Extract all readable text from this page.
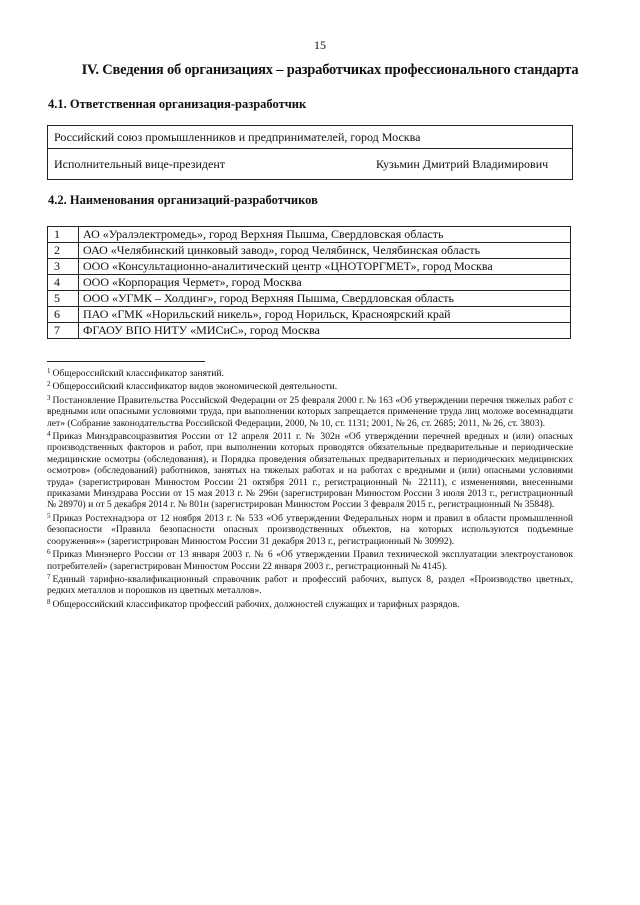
15
IV. Сведения об организациях – разработчиках профессионального стандарта
4.1. Ответственная организация-разработчик
Российский союз промышленников и предпринимателей, город Москва
Исполнительный вице-президент	Кузьмин Дмитрий Владимирович
4.2. Наименования организаций-разработчиков
1	АО «Уралэлектромедь», город Верхняя Пышма, Свердловская область
2	ОАО «Челябинский цинковый завод», город Челябинск, Челябинская область
3	ООО «Консультационно-аналитический центр «ЦНОТОРГМЕТ», город Москва
4	ООО «Корпорация Чермет», город Москва
5	ООО «УГМК – Холдинг», город Верхняя Пышма, Свердловская область
6	ПАО «ГМК «Норильский никель», город Норильск, Красноярский край
7	ФГАОУ ВПО НИТУ «МИСиС», город Москва

$^1$ Общероссийский классификатор занятий.

$^2$ Общероссийский классификатор видов экономической деятельности.

$^3$ Постановление Правительства Российской Федерации от 25 февраля 2000 г. № 163 «Об утверждении перечня тяжелых работ с вредными или опасными условиями труда, при выполнении которых запрещается применение труда лиц моложе восемнадцати лет» (Собрание законодательства Российской Федерации, 2000, № 10, ст. 1131; 2001, № 26, ст. 2685; 2011, № 26, ст. 3803).

$^4$ Приказ Минздравсоцразвития России от 12 апреля 2011 г. № 302н «Об утверждении перечней вредных и (или) опасных производственных факторов и работ, при выполнении которых проводятся обязательные предварительные и периодические медицинские осмотры (обследования), и Порядка проведения обязательных предварительных и периодических медицинских осмотров» (обследований) работников, занятых на тяжелых работах и на работах с вредными и (или) опасными условиями труда» (зарегистрирован Минюстом России 21 октября 2011 г., регистрационный № 22111), с изменениями, внесенными приказами Минздрава России от 15 мая 2013 г. № 296н (зарегистрирован Минюстом России 3 июля 2013 г., регистрационный № 28970) и от 5 декабря 2014 г. № 801н (зарегистрирован Минюстом России 3 февраля 2015 г., регистрационный № 35848).

$^5$ Приказ Ростехнадзора от 12 ноября 2013 г. № 533 «Об утверждении Федеральных норм и правил в области промышленной безопасности «Правила безопасности опасных производственных объектов, на которых используются подъемные сооружения»» (зарегистрирован Минюстом России 31 декабря 2013 г., регистрационный № 30992).

$^6$ Приказ Минэнерго России от 13 января 2003 г. № 6 «Об утверждении Правил технической эксплуатации электроустановок потребителей» (зарегистрирован Минюстом России 22 января 2003 г., регистрационный № 4145).

$^7$ Единый тарифно-квалификационный справочник работ и профессий рабочих, выпуск 8, раздел «Производство цветных, редких металлов и порошков из цветных металлов».

$^8$ Общероссийский классификатор профессий рабочих, должностей служащих и тарифных разрядов.
